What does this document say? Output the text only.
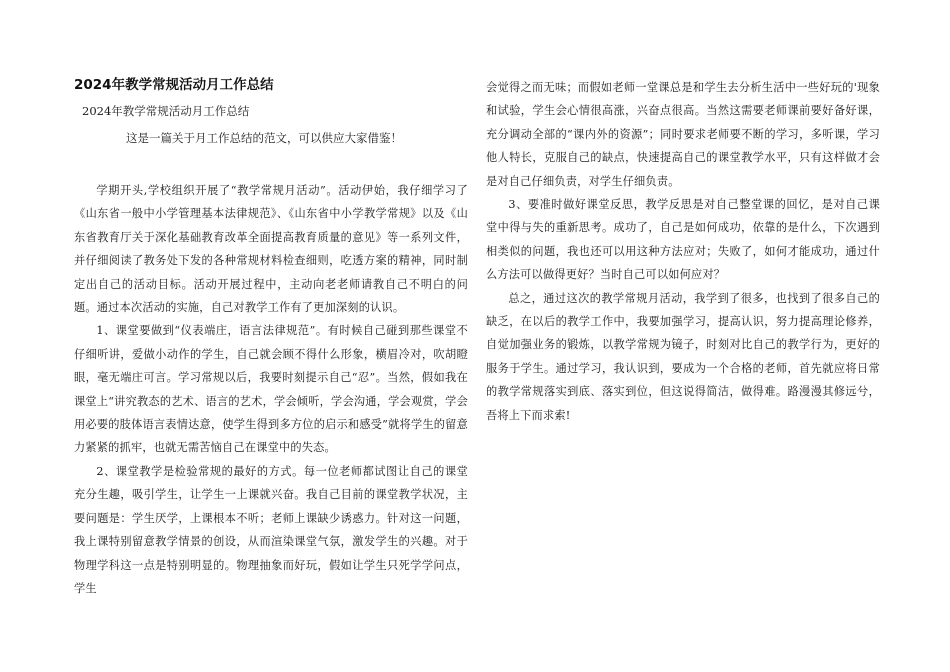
2024年教学常规活动月工作总结
2024年教学常规活动月工作总结
这是一篇关于月工作总结的范文，可以供应大家借鉴！

学期开头,学校组织开展了“教学常规月活动”。活动伊始，我仔细学习了《山东省一般中小学管理基本法律规范》、《山东省中小学教学常规》以及《山东省教育厅关于深化基础教育改革全面提高教育质量的意见》等一系列文件，并仔细阅读了教务处下发的各种常规材料检查细则，吃透方案的精神，同时制定出自己的活动目标。活动开展过程中，主动向老老师请教自己不明白的问题。通过本次活动的实施，自己对教学工作有了更加深刻的认识。

1、课堂要做到“仪表端庄，语言法律规范”。有时候自己碰到那些课堂不仔细听讲，爱做小动作的学生，自己就会顾不得什么形象，横眉冷对，吹胡瞪眼，毫无端庄可言。学习常规以后，我要时刻提示自己“忍”。当然，假如我在课堂上“讲究教态的艺术、语言的艺术，学会倾听，学会沟通，学会观赏，学会用必要的肢体语言表情达意，使学生得到多方位的启示和感受”就将学生的留意力紧紧的抓牢，也就无需苦恼自己在课堂中的失态。

2、课堂教学是检验常规的最好的方式。每一位老师都试图让自己的课堂充分生趣，吸引学生，让学生一上课就兴奋。我自己目前的课堂教学状况，主要问题是：学生厌学，上课根本不听；老师上课缺少诱惑力。针对这一问题，我上课特别留意教学情景的创设，从而渲染课堂气氛，激发学生的兴趣。对于物理学科这一点是特别明显的。物理抽象而好玩，假如让学生只死学学问点，学生

会觉得之而无味；而假如老师一堂课总是和学生去分析生活中一些好玩的'现象和试验，学生会心情很高涨，兴奋点很高。当然这需要老师课前要好备好课，充分调动全部的“课内外的资源”；同时要求老师要不断的学习，多听课，学习他人特长，克服自己的缺点，快速提高自己的课堂教学水平，只有这样做才会是对自己仔细负责，对学生仔细负责。

3、要准时做好课堂反思，教学反思是对自己整堂课的回忆，是对自己课堂中得与失的重新思考。成功了，自己是如何成功，依靠的是什么，下次遇到相类似的问题，我也还可以用这种方法应对；失败了，如何才能成功，通过什么方法可以做得更好？当时自己可以如何应对？

总之，通过这次的教学常规月活动，我学到了很多，也找到了很多自己的缺乏，在以后的教学工作中，我要加强学习，提高认识，努力提高理论修养，自觉加强业务的锻炼，以教学常规为镜子，时刻对比自己的教学行为，更好的服务于学生。通过学习，我认识到，要成为一个合格的老师，首先就应将日常的教学常规落实到底、落实到位，但这说得简洁，做得难。路漫漫其修远兮，吾将上下而求索!
